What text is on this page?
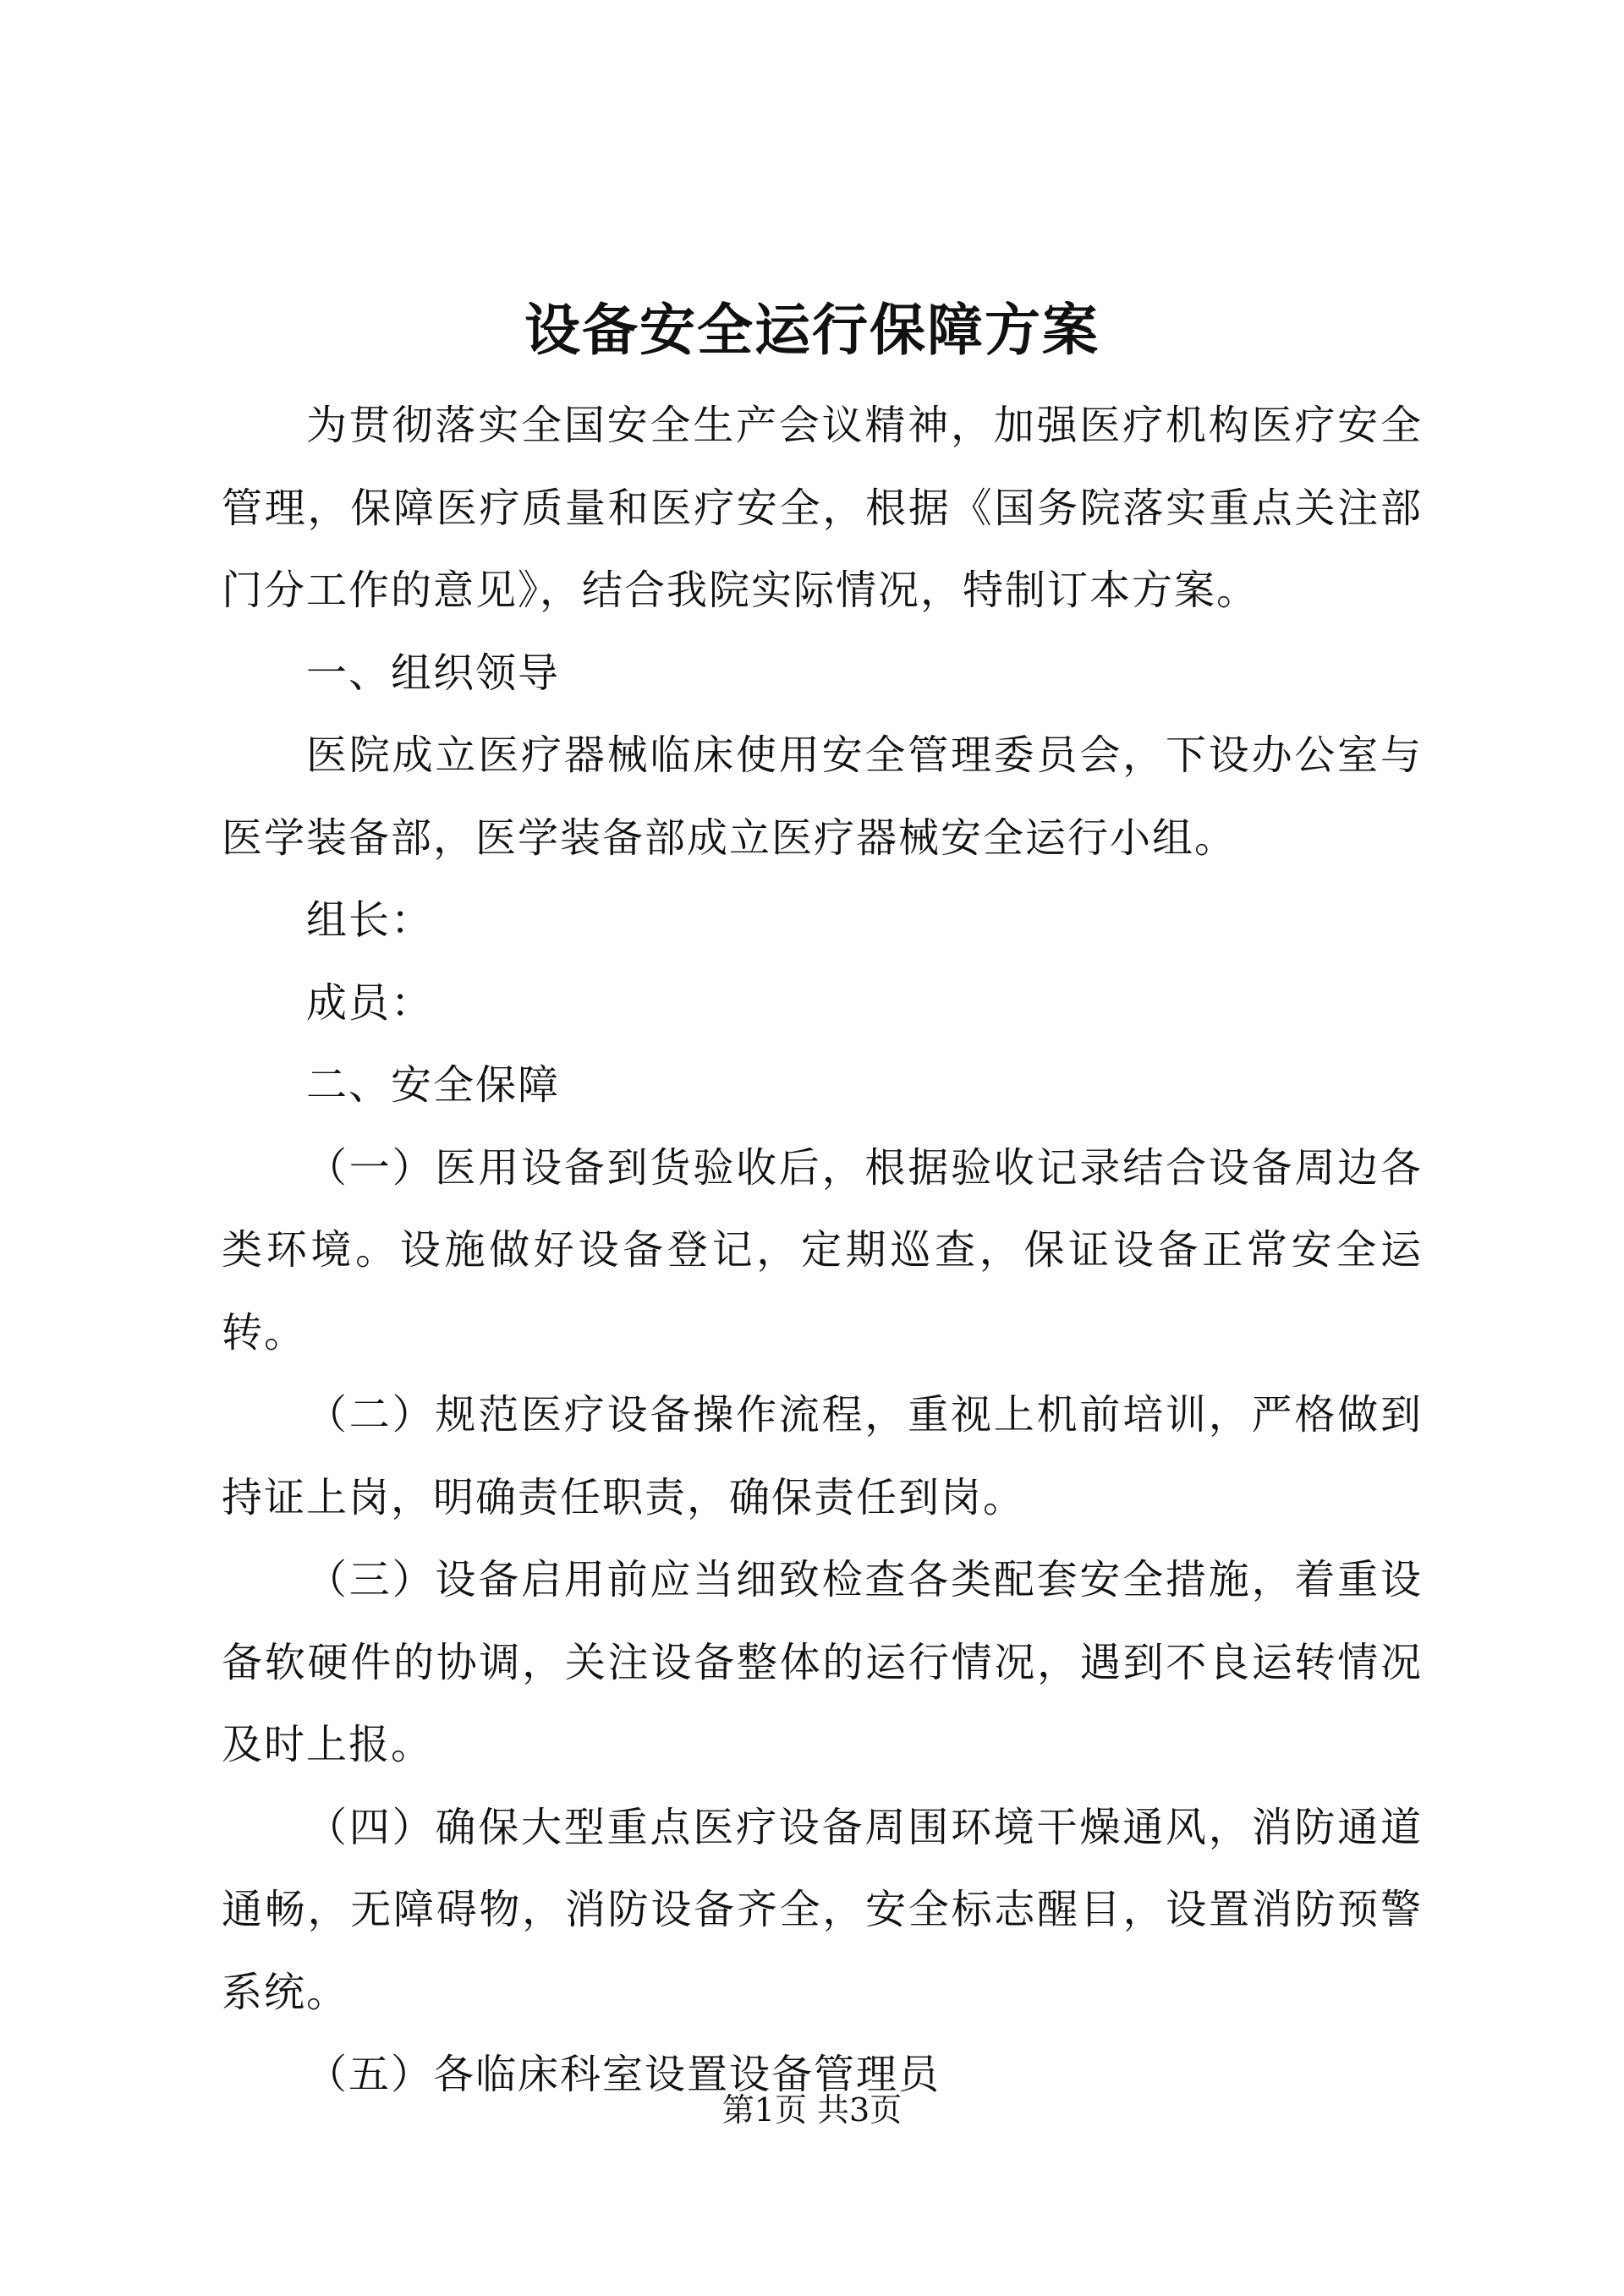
设备安全运行保障方案

为贯彻落实全国安全生产会议精神，加强医疗机构医疗安全管理，保障医疗质量和医疗安全，根据《国务院落实重点关注部门分工作的意见》，结合我院实际情况，特制订本方案。

一、组织领导

医院成立医疗器械临床使用安全管理委员会，下设办公室与医学装备部，医学装备部成立医疗器械安全运行小组。

组长：

成员：

二、安全保障

（一）医用设备到货验收后，根据验收记录结合设备周边各类环境。设施做好设备登记，定期巡查，保证设备正常安全运转。

（二）规范医疗设备操作流程，重视上机前培训，严格做到持证上岗，明确责任职责，确保责任到岗。

（三）设备启用前应当细致检查各类配套安全措施，着重设备软硬件的协调，关注设备整体的运行情况，遇到不良运转情况及时上报。

（四）确保大型重点医疗设备周围环境干燥通风，消防通道通畅，无障碍物，消防设备齐全，安全标志醒目，设置消防预警系统。

（五）各临床科室设置设备管理员

第1页 共3页
